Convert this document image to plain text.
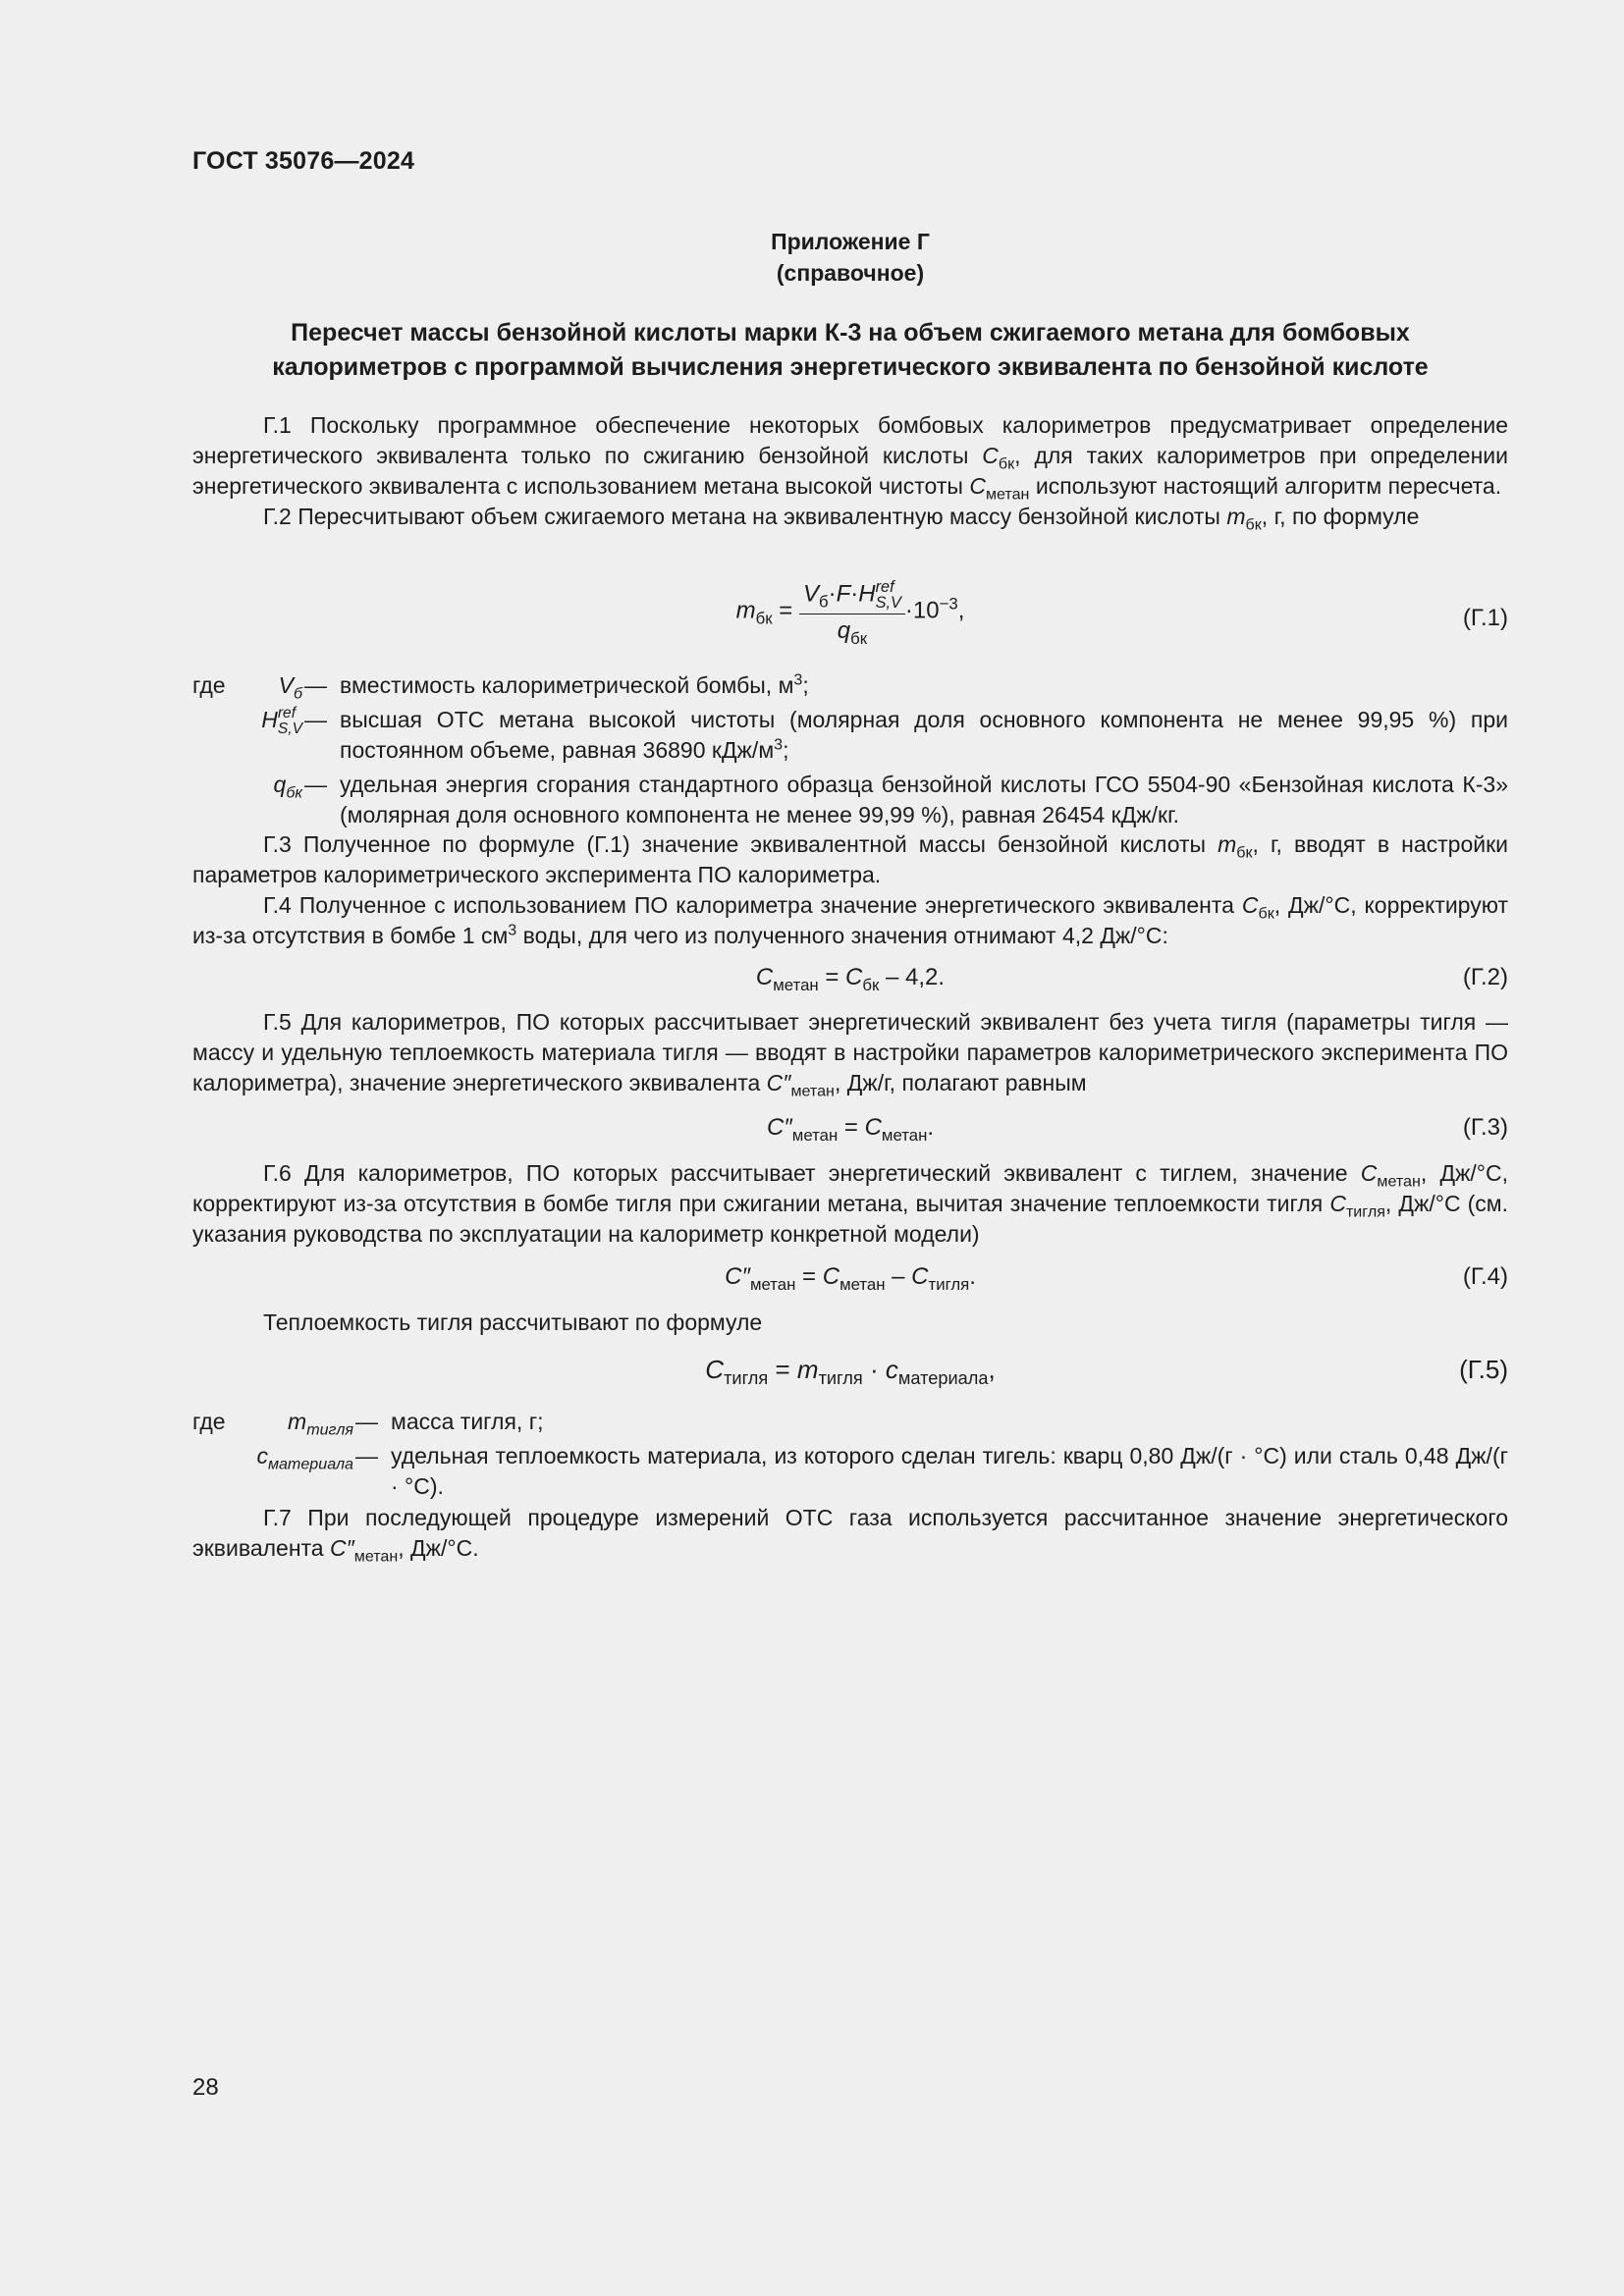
ГОСТ 35076—2024
Приложение Г
(справочное)
Пересчет массы бензойной кислоты марки К-3 на объем сжигаемого метана для бомбовых
калориметров с программой вычисления энергетического эквивалента по бензойной кислоте

Г.1 Поскольку программное обеспечение некоторых бомбовых калориметров предусматривает определение энергетического эквивалента только по сжиганию бензойной кислоты $C_{бк}$, для таких калориметров при определении энергетического эквивалента с использованием метана высокой чистоты $C_{метан}$ используют настоящий алгоритм пересчета.

Г.2 Пересчитывают объем сжигаемого метана на эквивалентную массу бензойной кислоты $m_{бк}$, г, по формуле

$m_{бк} = V_б\cdot F\cdot H$ ref
S,V
$q_{бк} \cdot 10^{-3}$,	(Г.1)
где	$V_б$ — вместимость калориметрической бомбы, $м^3$;
H ref
S,V — высшая ОТС метана высокой чистоты (молярная доля основного компонента не менее 99,95 %) при постоянном объеме, равная 36890 кДж/$м^3$;
$q_{бк}$ — удельная энергия сгорания стандартного образца бензойной кислоты ГСО 5504-90 «Бензойная кислота К-3» (молярная доля основного компонента не менее 99,99 %), равная 26454 кДж/кг.

Г.3 Полученное по формуле (Г.1) значение эквивалентной массы бензойной кислоты $m_{бк}$, г, вводят в настройки параметров калориметрического эксперимента ПО калориметра.

Г.4 Полученное с использованием ПО калориметра значение энергетического эквивалента $C_{бк}$, Дж/°С, корректируют из-за отсутствия в бомбе 1 $см^3$ воды, для чего из полученного значения отнимают 4,2 Дж/°С:

$C_{метан} = C_{бк} - 4,2$.	(Г.2)

Г.5 Для калориметров, ПО которых рассчитывает энергетический эквивалент без учета тигля (параметры тигля — массу и удельную теплоемкость материала тигля — вводят в настройки параметров калориметрического эксперимента ПО калориметра), значение энергетического эквивалента $C''_{метан}$, Дж/г, полагают равным

$C''_{метан} = C_{метан}$.	(Г.3)

Г.6 Для калориметров, ПО которых рассчитывает энергетический эквивалент с тиглем, значение $C_{метан}$, Дж/°С, корректируют из-за отсутствия в бомбе тигля при сжигании метана, вычитая значение теплоемкости тигля $C_{тигля}$, Дж/°С (см. указания руководства по эксплуатации на калориметр конкретной модели)

$C''_{метан} = C_{метан} - C_{тигля}$.	(Г.4)

Теплоемкость тигля рассчитывают по формуле

$C_{тигля} = m_{тигля} \cdot c_{материала}$,	(Г.5)
где	$m_{тигля}$ — масса тигля, г;
$c_{материала}$ — удельная теплоемкость материала, из которого сделан тигель: кварц 0,80 Дж/(г · °С) или сталь 0,48 Дж/(г · °С).

Г.7 При последующей процедуре измерений ОТС газа используется рассчитанное значение энергетического эквивалента $C''_{метан}$, Дж/°С.

28
